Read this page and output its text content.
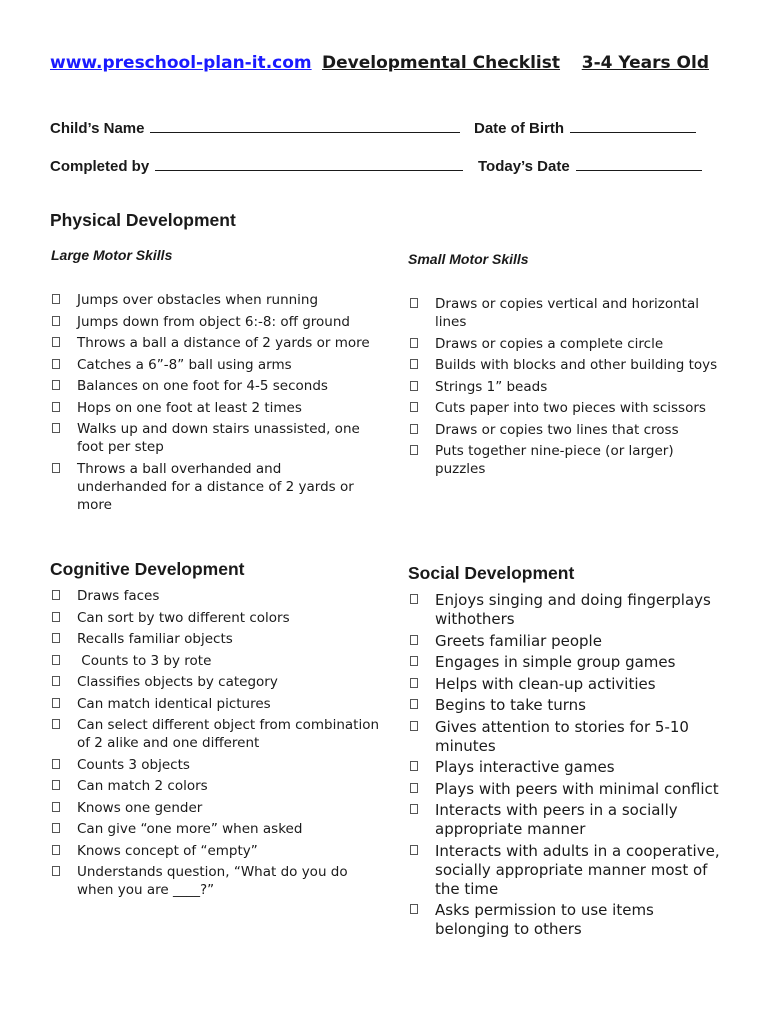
www.preschool-plan-it.com Developmental Checklist	3-4 Years Old
Child’s Name	Date of Birth
Completed by	Today’s Date
Physical Development
Large Motor Skills	Small Motor Skills
Jumps over obstacles when running
Jumps down from object 6:-8: off ground
Throws a ball a distance of 2 yards or more
Catches a 6”-8” ball using arms
Balances on one foot for 4-5 seconds
Hops on one foot at least 2 times
Walks up and down stairs unassisted, one foot per step
Throws a ball overhanded and underhanded for a distance of 2 yards or more
Draws or copies vertical and horizontal lines
Draws or copies a complete circle
Builds with blocks and other building toys
Strings 1” beads
Cuts paper into two pieces with scissors
Draws or copies two lines that cross
Puts together nine-piece (or larger) puzzles
Cognitive Development
Draws faces
Can sort by two different colors
Recalls familiar objects
Counts to 3 by rote
Classifies objects by category
Can match identical pictures
Can select different object from combination of 2 alike and one different
Counts 3 objects
Can match 2 colors
Knows one gender
Can give “one more” when asked
Knows concept of “empty”
Understands question, “What do you do when you are ____?”
Social Development
Enjoys singing and doing fingerplays withothers
Greets familiar people
Engages in simple group games
Helps with clean-up activities
Begins to take turns
Gives attention to stories for 5-10 minutes
Plays interactive games
Plays with peers with minimal conflict
Interacts with peers in a socially appropriate manner
Interacts with adults in a cooperative, socially appropriate manner most of the time
Asks permission to use items belonging to others
